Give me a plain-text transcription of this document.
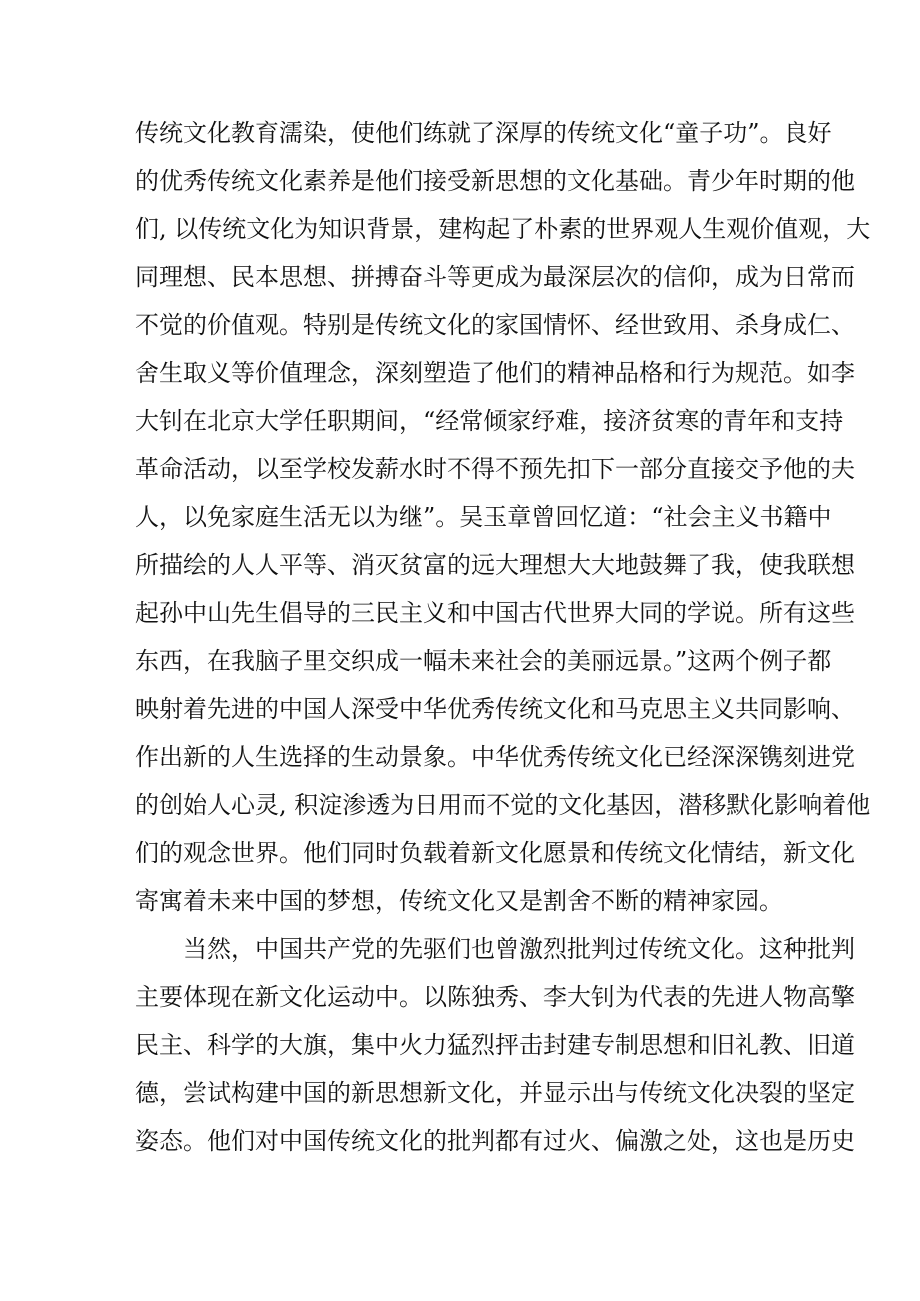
传统文化教育濡染，使他们练就了深厚的传统文化“童子功”。良好
的优秀传统文化素养是他们接受新思想的文化基础。青少年时期的他
们, 以传统文化为知识背景，建构起了朴素的世界观人生观价值观，大
同理想、民本思想、拼搏奋斗等更成为最深层次的信仰，成为日常而
不觉的价值观。特别是传统文化的家国情怀、经世致用、杀身成仁、
舍生取义等价值理念，深刻塑造了他们的精神品格和行为规范。如李
大钊在北京大学任职期间，“经常倾家纾难，接济贫寒的青年和支持
革命活动，以至学校发薪水时不得不预先扣下一部分直接交予他的夫
人，以免家庭生活无以为继”。吴玉章曾回忆道：“社会主义书籍中
所描绘的人人平等、消灭贫富的远大理想大大地鼓舞了我，使我联想
起孙中山先生倡导的三民主义和中国古代世界大同的学说。所有这些
东西，在我脑子里交织成一幅未来社会的美丽远景。”这两个例子都
映射着先进的中国人深受中华优秀传统文化和马克思主义共同影响、
作出新的人生选择的生动景象。中华优秀传统文化已经深深镌刻进党
的创始人心灵, 积淀渗透为日用而不觉的文化基因，潜移默化影响着他
们的观念世界。他们同时负载着新文化愿景和传统文化情结，新文化
寄寓着未来中国的梦想，传统文化又是割舍不断的精神家园。
当然，中国共产党的先驱们也曾激烈批判过传统文化。这种批判
主要体现在新文化运动中。以陈独秀、李大钊为代表的先进人物高擎
民主、科学的大旗，集中火力猛烈抨击封建专制思想和旧礼教、旧道
德，尝试构建中国的新思想新文化，并显示出与传统文化决裂的坚定
姿态。他们对中国传统文化的批判都有过火、偏激之处，这也是历史
